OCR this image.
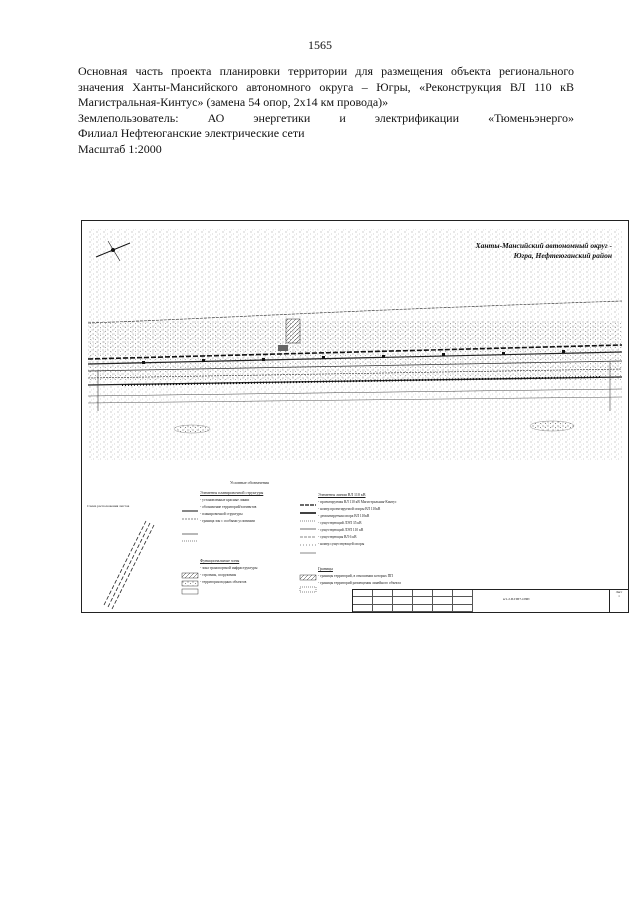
1565

Основная часть проекта планировки территории для размещения объекта регионального

значения Ханты-Мансийского автономного округа – Югры, «Реконструкция ВЛ 110 кВ

Магистральная-Кинтус» (замена 54 опор, 2х14 км провода)»

Землепользователь: АО энергетики и электрификации «Тюменьэнерго»

Филиал Нефтеюганские электрические сети

Масштаб 1:2000

Ханты-Мансийский автономный округ - Югра, Нефтеюганский район
Условные обозначения
Схема расположения листов
Элементы планировочной структуры
- установленные красные линии
- обозначение территорий/элементов
- планировочной структуры
- граница зон с особыми условиями
Функциональные зоны
- зона транспортной инфраструктуры
- строения, сооружения
- территория водных объектов
Элементы линии ВЛ 110 кВ
- проектируемая ВЛ 110 кВ Магистральная-Кинтус
- номер проектируемой опоры ВЛ 110кВ
- демонтируемая опора ВЛ 110кВ
- существующий ЛЭП 35 кВ
- существующий ЛЭП 110 кВ
- существующая ВЛ 6 кВ
- номер существующей опоры
Границы
- границы территорий, в отношении которых ПП
- границы территорий размещения линейного объекта
в/1.2.П.ПП7-ОЧП
Лист
1
